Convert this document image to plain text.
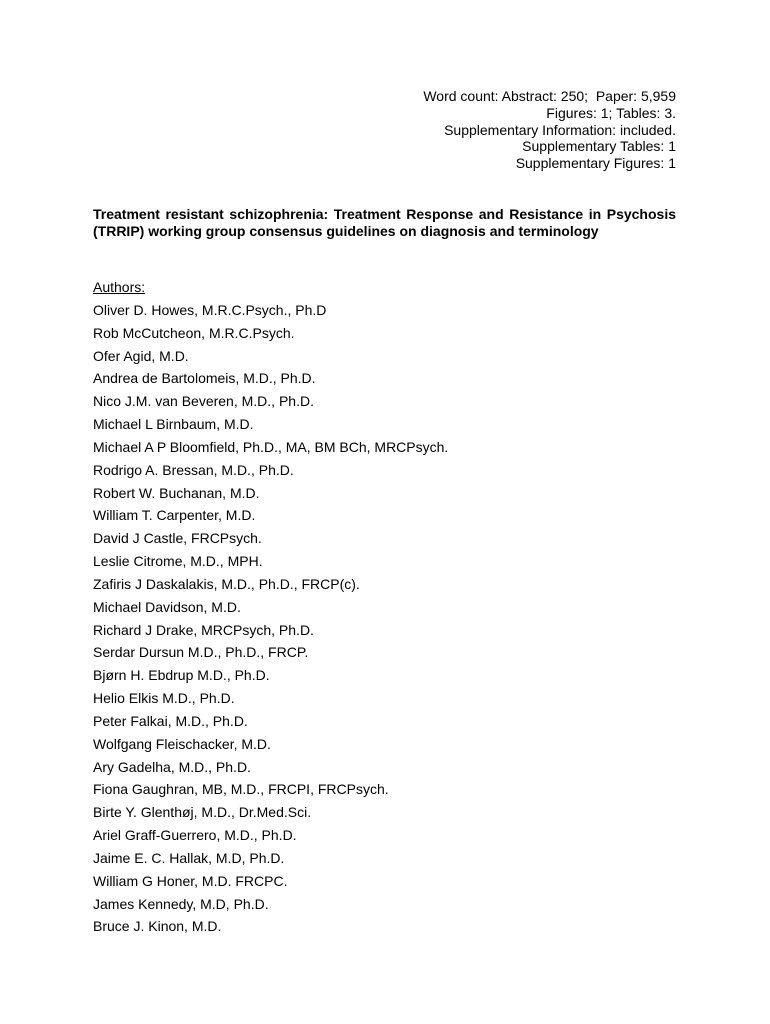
Word count: Abstract: 250;  Paper: 5,959
Figures: 1; Tables: 3.
Supplementary Information: included.
Supplementary Tables: 1
Supplementary Figures: 1
Treatment resistant schizophrenia: Treatment Response and Resistance in Psychosis (TRRIP) working group consensus guidelines on diagnosis and terminology
Authors:
Oliver D. Howes, M.R.C.Psych., Ph.D
Rob McCutcheon, M.R.C.Psych.
Ofer Agid, M.D.
Andrea de Bartolomeis, M.D., Ph.D.
Nico J.M. van Beveren, M.D., Ph.D.
Michael L Birnbaum, M.D.
Michael A P Bloomfield, Ph.D., MA, BM BCh, MRCPsych.
Rodrigo A. Bressan, M.D., Ph.D.
Robert W. Buchanan, M.D.
William T. Carpenter, M.D.
David J Castle, FRCPsych.
Leslie Citrome, M.D., MPH.
Zafiris J Daskalakis, M.D., Ph.D., FRCP(c).
Michael Davidson, M.D.
Richard J Drake, MRCPsych, Ph.D.
Serdar Dursun M.D., Ph.D., FRCP.
Bjørn H. Ebdrup M.D., Ph.D.
Helio Elkis M.D., Ph.D.
Peter Falkai, M.D., Ph.D.
Wolfgang Fleischacker, M.D.
Ary Gadelha, M.D., Ph.D.
Fiona Gaughran, MB, M.D., FRCPI, FRCPsych.
Birte Y. Glenthøj, M.D., Dr.Med.Sci.
Ariel Graff-Guerrero, M.D., Ph.D.
Jaime E. C. Hallak, M.D, Ph.D.
William G Honer, M.D. FRCPC.
James Kennedy, M.D, Ph.D.
Bruce J. Kinon, M.D.
